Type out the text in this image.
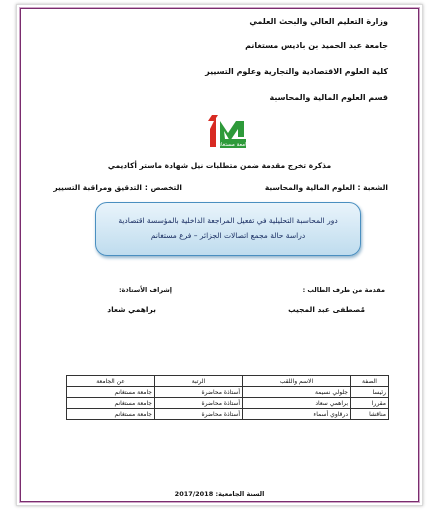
وزارة التعليم العالي والبحث العلمي
جامعة عبد الحميد بن باديس مستغانم
كلية العلوم الاقتصادية والتجارية وعلوم التسيير
قسم العلوم المالية والمحاسبة
جامعة مستغانم
مذكرة تخرج مقدمة ضمن متطلبات نيل شهادة ماستر أكاديمي
الشعبة : العلوم المالية والمحاسبة
التخصص :
التدقيق ومراقبة التسيير
دور المحاسبة التحليلية في تفعيل المراجعة الداخلية بالمؤسسة اقتصادية
دراسة حالة مجمع اتصالات الجزائر – فرع مستغانم
مقدمة من طرف الطالب :
إشراف الأستاذة:
مُصطفى عبد المجيب
براهمي شعاد
الصفة	الاسم واللقب	الرتبة	عن الجامعة
رئيسا	جلولي نسيمة	أستاذة محاضرة	جامعة مستغانم
مقررا	براهمي سعاد	أستاذة محاضرة	جامعة مستغانم
مناقشا	درقاوي أسماء	أستاذة محاضرة	جامعة مستغانم
السنة الجامعية: 2017/2018
